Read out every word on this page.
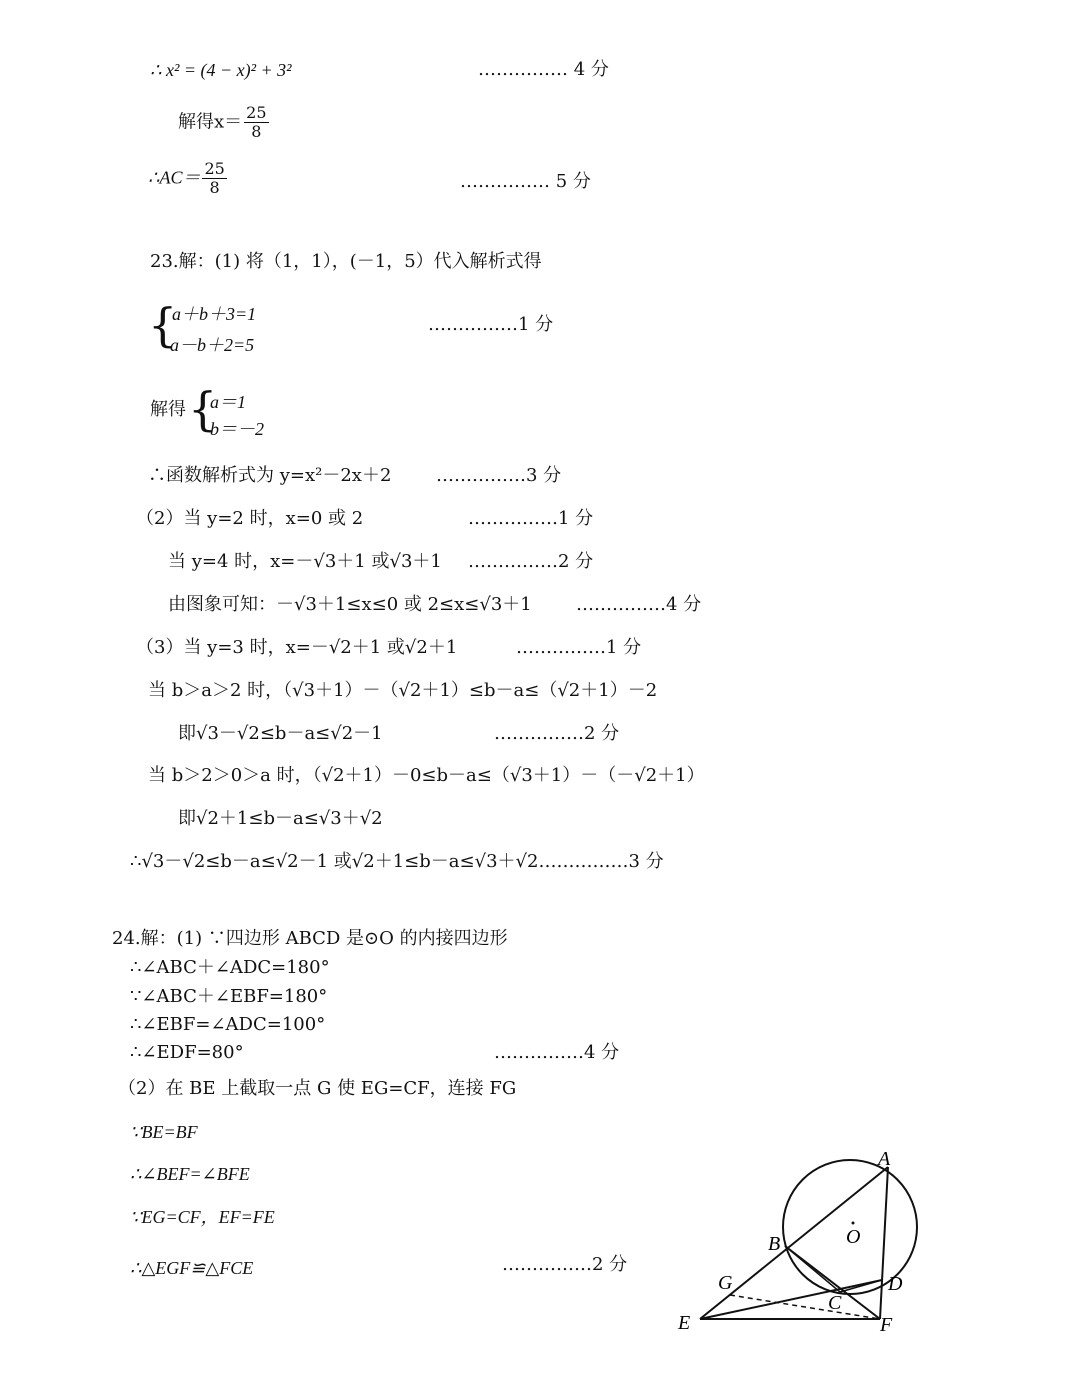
∴ x² = (4 − x)² + 3²	…………… 4 分
解得$x= \frac{25}{8}$
∴AC＝ $\frac{25}{8}$	…………… 5 分
23.解：(1) 将（1，1），(－1，5）代入解析式得
{
a＋b＋3=1
a－b＋2=5
……………1 分
解得 {
a＝1
b＝－2
∴函数解析式为 y=x²－2x＋2 ……………3 分
（2）当 y=2 时，x=0 或 2	……………1 分
当 y=4 时，x=－√3＋1 或√3＋1 ……………2 分
由图象可知：－√3＋1≤x≤0 或 2≤x≤√3＋1 ……………4 分
（3）当 y=3 时，x=－√2＋1 或√2＋1	……………1 分
当 b＞a＞2 时，（√3＋1）－（√2＋1）≤b－a≤（√2＋1）－2
即√3－√2≤b－a≤√2－1	……………2 分
当 b＞2＞0＞a 时，（√2＋1）－0≤b－a≤（√3＋1）－（－√2＋1）
即√2＋1≤b－a≤√3＋√2
∴√3－√2≤b－a≤√2－1 或√2＋1≤b－a≤√3＋√2……………3 分
24.解：(1) ∵四边形 ABCD 是⊙O 的内接四边形
∴∠ABC＋∠ADC=180°
∵∠ABC＋∠EBF=180°
∴∠EBF=∠ADC=100°
∴∠EDF=80°	……………4 分
（2）在 BE 上截取一点 G 使 EG=CF，连接 FG
∵BE=BF
∴∠BEF=∠BFE
∵EG=CF，EF=FE
∴△EGF≌△FCE	……………2 分
A
B
C
D
E	F
G
O
